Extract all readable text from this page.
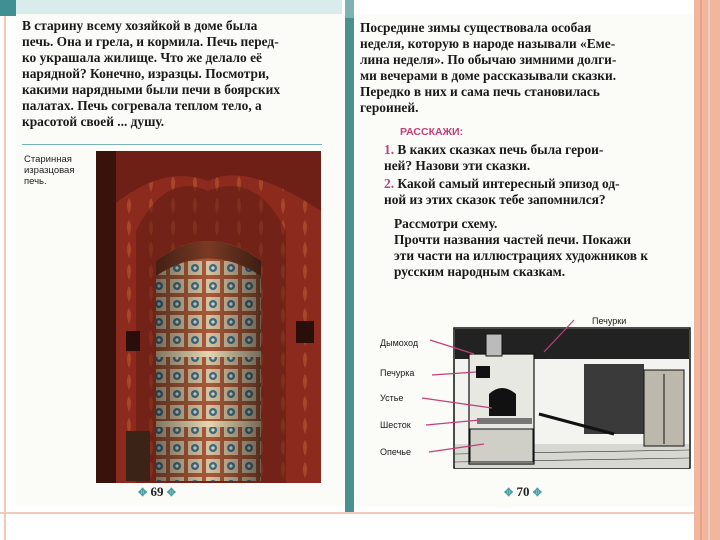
В старину всему хозяйкой в доме была
печь. Она и грела, и кормила. Печь перед-
ко украшала жилище. Что же делало её
нарядной? Конечно, изразцы. Посмотри,
какими нарядными были печи в боярских
палатах. Печь согревала теплом тело, а
красотой своей ... душу.

Старинная
изразцовая
печь.

✥ 69 ✥

Посредине зимы существовала особая
неделя, которую в народе называли «Еме-
лина неделя». По обычаю зимними долги-
ми вечерами в доме рассказывали сказки.
Передко в них и сама печь становилась
героиней.

РАССКАЖИ:

1. В каких сказках печь была герои-
ней? Назови эти сказки.
2. Какой самый интересный эпизод од-
ной из этих сказок тебе запомнился?

Рассмотри схему.
Прочти названия частей печи. Покажи
эти части на иллюстрациях художников к
русским народным сказкам.

Печурки

Дымоход

Печурка

Устье

Шесток

Опечье

✥ 70 ✥
